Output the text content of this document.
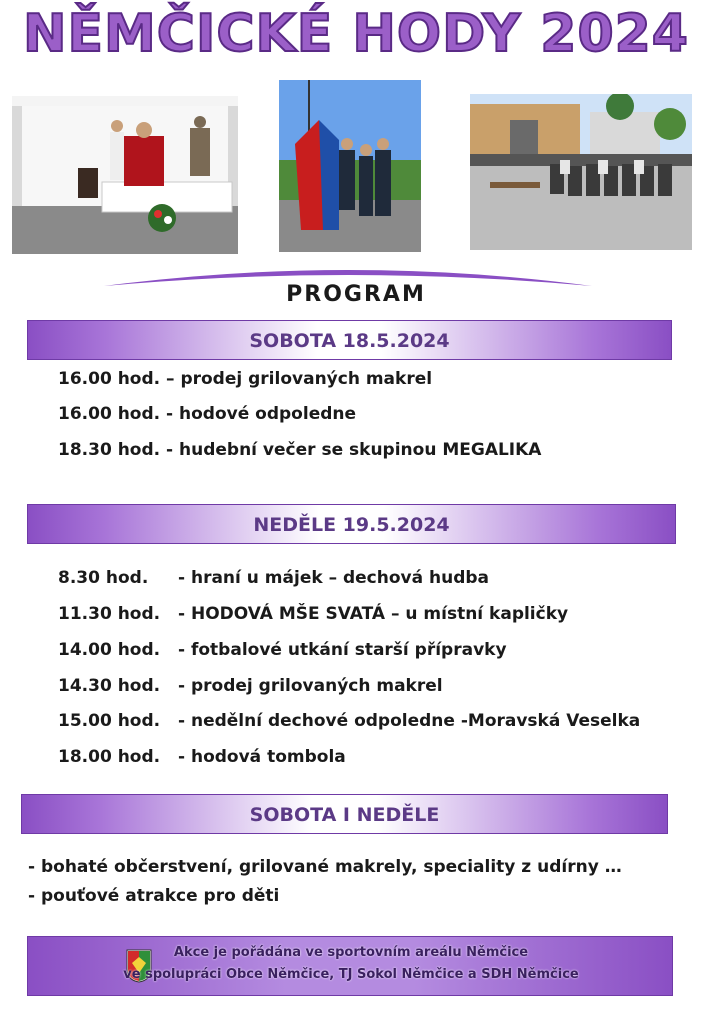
NĚMČICKÉ HODY 2024
PROGRAM
SOBOTA 18.5.2024
16.00 hod. – prodej grilovaných makrel
16.00 hod. - hodové odpoledne
18.30 hod. - hudební večer se skupinou MEGALIKA
NEDĚLE 19.5.2024
8.30 hod. - hraní u májek – dechová hudba
11.30 hod. - HODOVÁ MŠE SVATÁ – u místní kapličky
14.00 hod. - fotbalové utkání starší přípravky
14.30 hod. - prodej grilovaných makrel
15.00 hod. - nedělní dechové odpoledne -Moravská Veselka
18.00 hod. - hodová tombola
SOBOTA I NEDĚLE
- bohaté občerstvení, grilované makrely, speciality z udírny …
- pouťové atrakce pro děti
Akce je pořádána ve sportovním areálu Němčice
ve spolupráci Obce Němčice, TJ Sokol Němčice a SDH Němčice
